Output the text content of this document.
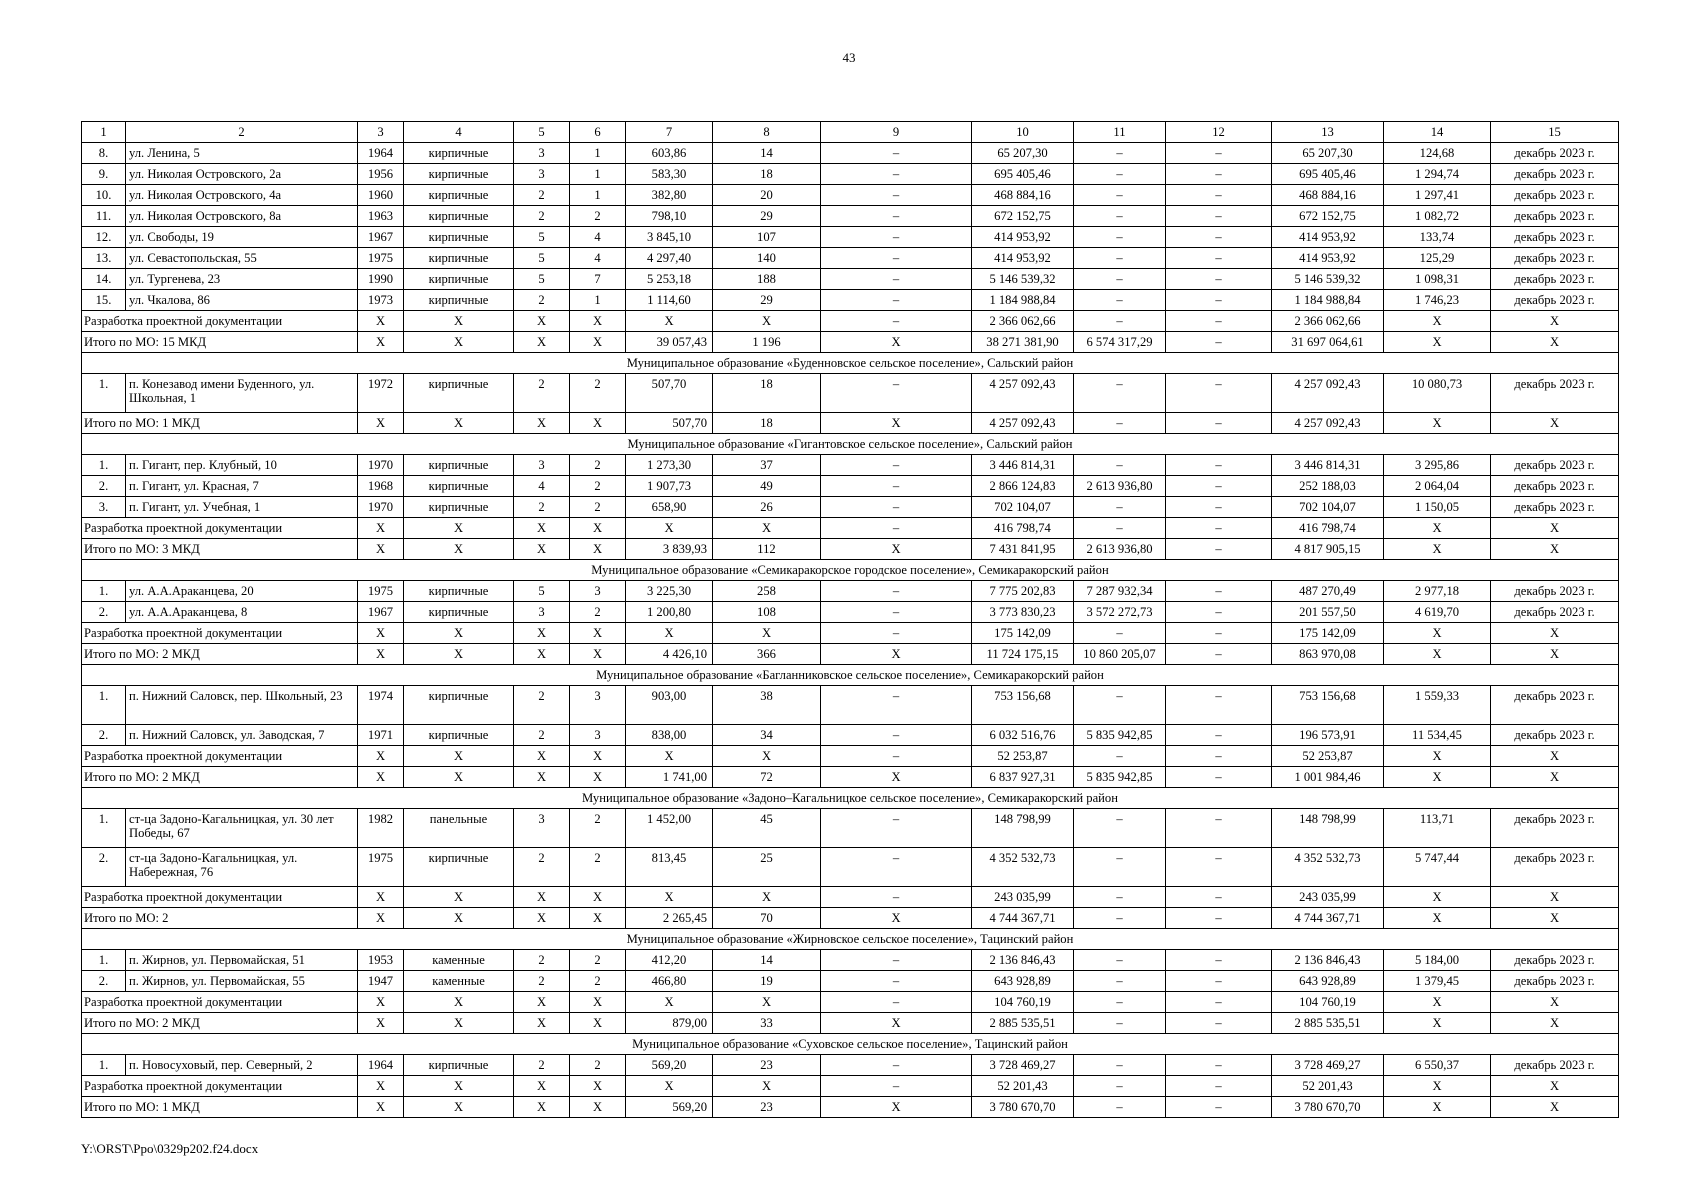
43
1	2	3	4	5	6	7	8	9	10	11	12	13	14	15
8.	ул. Ленина, 5	1964	кирпичные	3	1	603,86	14	–	65 207,30	–	–	65 207,30	124,68	декабрь 2023 г.
9.	ул. Николая Островского, 2а	1956	кирпичные	3	1	583,30	18	–	695 405,46	–	–	695 405,46	1 294,74	декабрь 2023 г.
10.	ул. Николая Островского, 4а	1960	кирпичные	2	1	382,80	20	–	468 884,16	–	–	468 884,16	1 297,41	декабрь 2023 г.
11.	ул. Николая Островского, 8а	1963	кирпичные	2	2	798,10	29	–	672 152,75	–	–	672 152,75	1 082,72	декабрь 2023 г.
12.	ул. Свободы, 19	1967	кирпичные	5	4	3 845,10	107	–	414 953,92	–	–	414 953,92	133,74	декабрь 2023 г.
13.	ул. Севастопольская, 55	1975	кирпичные	5	4	4 297,40	140	–	414 953,92	–	–	414 953,92	125,29	декабрь 2023 г.
14.	ул. Тургенева, 23	1990	кирпичные	5	7	5 253,18	188	–	5 146 539,32	–	–	5 146 539,32	1 098,31	декабрь 2023 г.
15.	ул. Чкалова, 86	1973	кирпичные	2	1	1 114,60	29	–	1 184 988,84	–	–	1 184 988,84	1 746,23	декабрь 2023 г.
Разработка проектной документации		Х	Х	Х	Х	Х	Х	–	2 366 062,66	–	–	2 366 062,66	Х	Х
Итого по МО: 15 МКД		Х	Х	Х	Х	39 057,43	1 196	Х	38 271 381,90	6 574 317,29	–	31 697 064,61	Х	Х
Муниципальное образование «Буденновское сельское поселение», Сальский район														
1.	п. Конезавод имени Буденного, ул. Школьная, 1	1972	кирпичные	2	2	507,70	18	–	4 257 092,43	–	–	4 257 092,43	10 080,73	декабрь 2023 г.
Итого по МО: 1 МКД		Х	Х	Х	Х	507,70	18	Х	4 257 092,43	–	–	4 257 092,43	Х	Х
Муниципальное образование «Гигантовское сельское поселение», Сальский район														
1.	п. Гигант, пер. Клубный, 10	1970	кирпичные	3	2	1 273,30	37	–	3 446 814,31	–	–	3 446 814,31	3 295,86	декабрь 2023 г.
2.	п. Гигант, ул. Красная, 7	1968	кирпичные	4	2	1 907,73	49	–	2 866 124,83	2 613 936,80	–	252 188,03	2 064,04	декабрь 2023 г.
3.	п. Гигант, ул. Учебная, 1	1970	кирпичные	2	2	658,90	26	–	702 104,07	–	–	702 104,07	1 150,05	декабрь 2023 г.
Разработка проектной документации		Х	Х	Х	Х	Х	Х	–	416 798,74	–	–	416 798,74	Х	Х
Итого по МО: 3 МКД		Х	Х	Х	Х	3 839,93	112	Х	7 431 841,95	2 613 936,80	–	4 817 905,15	Х	Х
Муниципальное образование «Семикаракорское городское поселение», Семикаракорский район														
1.	ул. А.А.Араканцева, 20	1975	кирпичные	5	3	3 225,30	258	–	7 775 202,83	7 287 932,34	–	487 270,49	2 977,18	декабрь 2023 г.
2.	ул. А.А.Араканцева, 8	1967	кирпичные	3	2	1 200,80	108	–	3 773 830,23	3 572 272,73	–	201 557,50	4 619,70	декабрь 2023 г.
Разработка проектной документации		Х	Х	Х	Х	Х	Х	–	175 142,09	–	–	175 142,09	Х	Х
Итого по МО: 2 МКД		Х	Х	Х	Х	4 426,10	366	Х	11 724 175,15	10 860 205,07	–	863 970,08	Х	Х
Муниципальное образование «Багланниковское сельское поселение», Семикаракорский район														
1.	п. Нижний Саловск, пер. Школьный, 23	1974	кирпичные	2	3	903,00	38	–	753 156,68	–	–	753 156,68	1 559,33	декабрь 2023 г.
2.	п. Нижний Саловск, ул. Заводская, 7	1971	кирпичные	2	3	838,00	34	–	6 032 516,76	5 835 942,85	–	196 573,91	11 534,45	декабрь 2023 г.
Разработка проектной документации		Х	Х	Х	Х	Х	Х	–	52 253,87	–	–	52 253,87	Х	Х
Итого по МО: 2 МКД		Х	Х	Х	Х	1 741,00	72	Х	6 837 927,31	5 835 942,85	–	1 001 984,46	Х	Х
Муниципальное образование «Задоно–Кагальницкое сельское поселение», Семикаракорский район														
1.	ст-ца Задоно-Кагальницкая, ул. 30 лет Победы, 67	1982	панельные	3	2	1 452,00	45	–	148 798,99	–	–	148 798,99	113,71	декабрь 2023 г.
2.	ст-ца Задоно-Кагальницкая, ул. Набережная, 76	1975	кирпичные	2	2	813,45	25	–	4 352 532,73	–	–	4 352 532,73	5 747,44	декабрь 2023 г.
Разработка проектной документации		Х	Х	Х	Х	Х	Х	–	243 035,99	–	–	243 035,99	Х	Х
Итого по МО: 2		Х	Х	Х	Х	2 265,45	70	Х	4 744 367,71	–	–	4 744 367,71	Х	Х
Муниципальное образование «Жирновское сельское поселение», Тацинский район														
1.	п. Жирнов, ул. Первомайская, 51	1953	каменные	2	2	412,20	14	–	2 136 846,43	–	–	2 136 846,43	5 184,00	декабрь 2023 г.
2.	п. Жирнов, ул. Первомайская, 55	1947	каменные	2	2	466,80	19	–	643 928,89	–	–	643 928,89	1 379,45	декабрь 2023 г.
Разработка проектной документации		Х	Х	Х	Х	Х	Х	–	104 760,19	–	–	104 760,19	Х	Х
Итого по МО: 2 МКД		Х	Х	Х	Х	879,00	33	Х	2 885 535,51	–	–	2 885 535,51	Х	Х
Муниципальное образование «Суховское сельское поселение», Тацинский район														
1.	п. Новосуховый, пер. Северный, 2	1964	кирпичные	2	2	569,20	23	–	3 728 469,27	–	–	3 728 469,27	6 550,37	декабрь 2023 г.
Разработка проектной документации		Х	Х	Х	Х	Х	Х	–	52 201,43	–	–	52 201,43	Х	Х
Итого по МО: 1 МКД		Х	Х	Х	Х	569,20	23	Х	3 780 670,70	–	–	3 780 670,70	Х	Х
Y:\ORST\Ppo\0329p202.f24.docx
